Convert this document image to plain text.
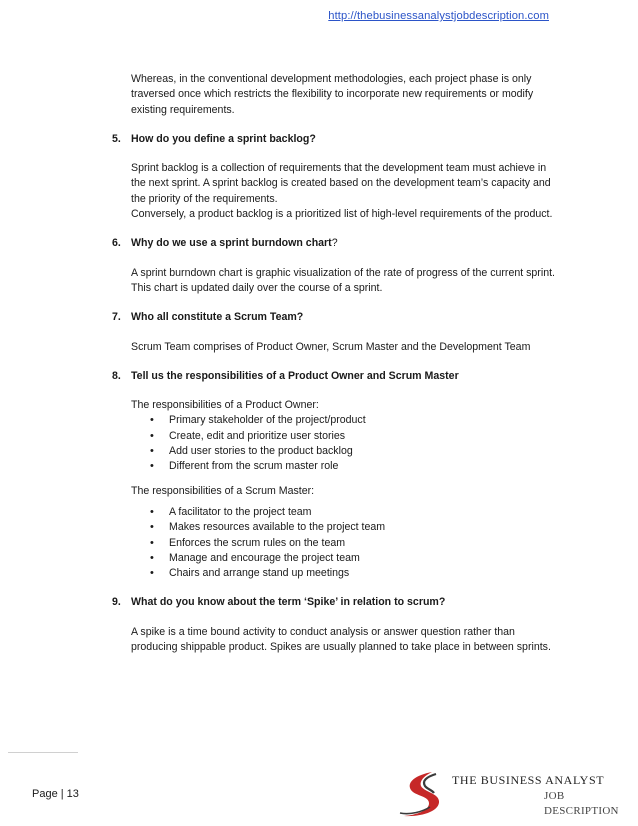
http://thebusinessanalystjobdescription.com

Whereas, in the conventional development methodologies, each project phase is only traversed once which restricts the flexibility to incorporate new requirements or modify existing requirements.

5. How do you define a sprint backlog?

Sprint backlog is a collection of requirements that the development team must achieve in the next sprint. A sprint backlog is created based on the development team’s capacity and the priority of the requirements.

Conversely, a product backlog is a prioritized list of high-level requirements of the product.

6. Why do we use a sprint burndown chart?

A sprint burndown chart is graphic visualization of the rate of progress of the current sprint. This chart is updated daily over the course of a sprint.

7. Who all constitute a Scrum Team?

Scrum Team comprises of Product Owner, Scrum Master and the Development Team

8. Tell us the responsibilities of a Product Owner and Scrum Master

The responsibilities of a Product Owner:

• Primary stakeholder of the project/product
• Create, edit and prioritize user stories
• Add user stories to the product backlog
• Different from the scrum master role

The responsibilities of a Scrum Master:

• A facilitator to the project team
• Makes resources available to the project team
• Enforces the scrum rules on the team
• Manage and encourage the project team
• Chairs and arrange stand up meetings
9. What do you know about the term ‘Spike’ in relation to scrum?

A spike is a time bound activity to conduct analysis or answer question rather than producing shippable product. Spikes are usually planned to take place in between sprints.

Page | 13
THE BUSINESS ANALYST
JOB DESCRIPTION
